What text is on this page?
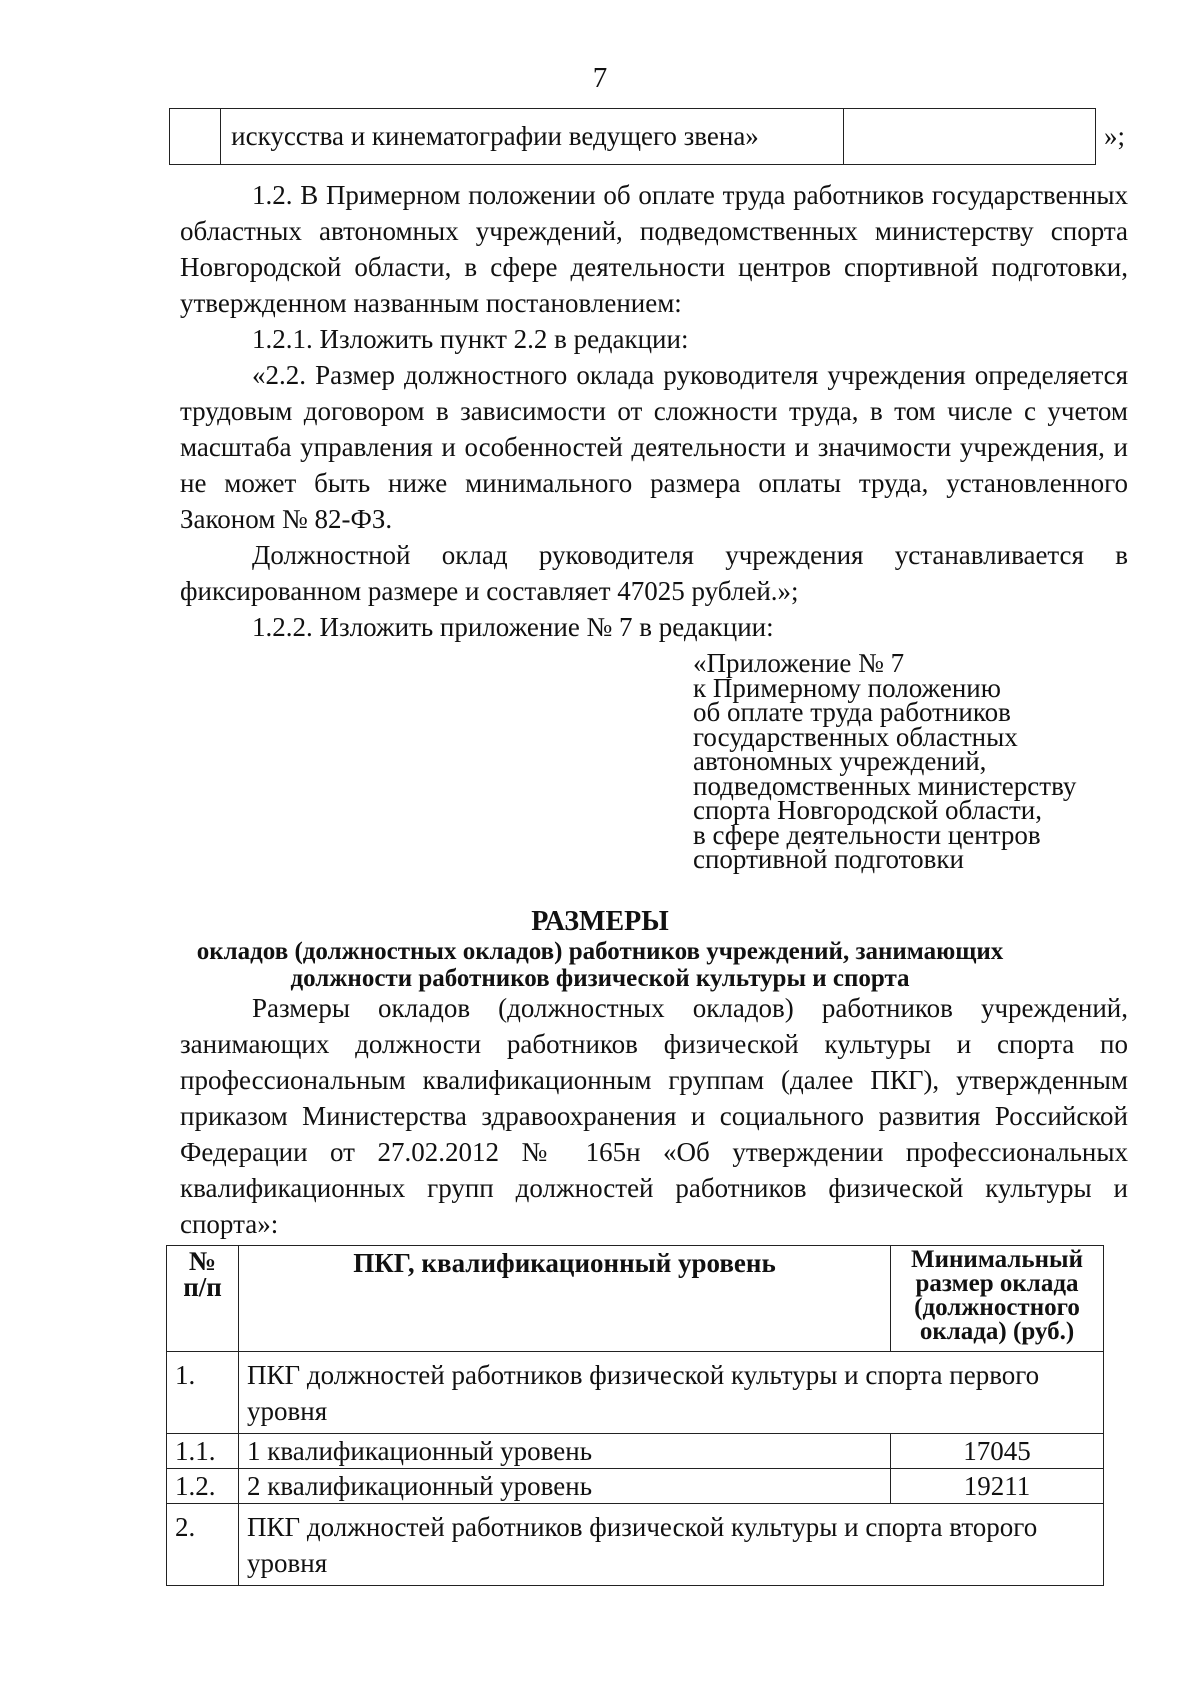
7
	искусства и кинематографии ведущего звена»		»;

1.2. В Примерном положении об оплате труда работников государственных областных автономных учреждений, подведомственных министерству спорта Новгородской области, в сфере деятельности центров спортивной подготовки, утвержденном названным постановлением:

1.2.1. Изложить пункт 2.2 в редакции:

«2.2. Размер должностного оклада руководителя учреждения определяется трудовым договором в зависимости от сложности труда, в том числе с учетом масштаба управления и особенностей деятельности и значимости учреждения, и не может быть ниже минимального размера оплаты труда, установленного Законом № 82-ФЗ.

Должностной оклад руководителя учреждения устанавливается в фиксированном размере и составляет 47025 рублей.»;

1.2.2. Изложить приложение № 7 в редакции:

«Приложение № 7
к Примерному положению
об оплате труда работников
государственных областных
автономных учреждений,
подведомственных министерству
спорта Новгородской области,
в сфере деятельности центров
спортивной подготовки
РАЗМЕРЫ
окладов (должностных окладов) работников учреждений, занимающих
должности работников физической культуры и спорта

Размеры окладов (должностных окладов) работников учреждений, занимающих должности работников физической культуры и спорта по профессиональным квалификационным группам (далее ПКГ), утвержденным приказом Министерства здравоохранения и социального развития Российской Федерации от 27.02.2012 № 165н «Об утверждении профессиональных квалификационных групп должностей работников физической культуры и спорта»:

№ п/п	ПКГ, квалификационный уровень	Минимальный размер оклада (должностного оклада) (руб.)
1.	ПКГ должностей работников физической культуры и спорта первого уровня	
1.1.	1 квалификационный уровень	17045
1.2.	2 квалификационный уровень	19211
2.	ПКГ должностей работников физической культуры и спорта второго уровня	
